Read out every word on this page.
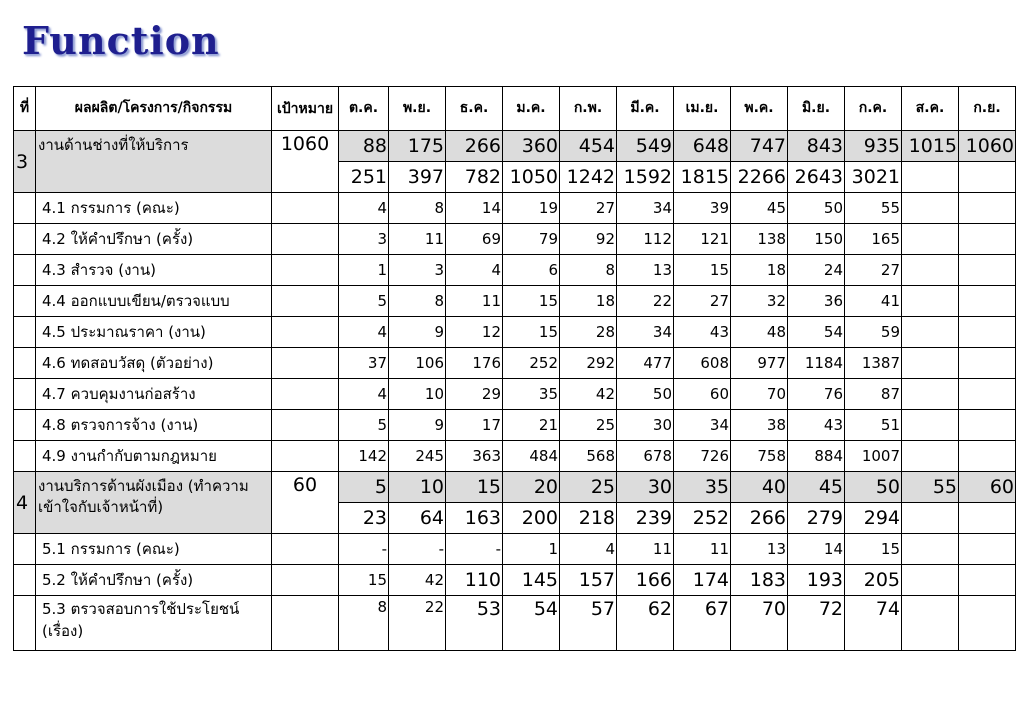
Function
ที่	ผลผลิต/โครงการ/กิจกรรม	เป้าหมาย	ต.ค.	พ.ย.	ธ.ค.	ม.ค.	ก.พ.	มี.ค.	เม.ย.	พ.ค.	มิ.ย.	ก.ค.	ส.ค.	ก.ย.
3	งานด้านช่างที่ให้บริการ	1060	88	175	266	360	454	549	648	747	843	935	1015	1060
			251	397	782	1050	1242	1592	1815	2266	2643	3021		
	4.1 กรรมการ (คณะ)		4	8	14	19	27	34	39	45	50	55		
	4.2 ให้คำปรึกษา (ครั้ง)		3	11	69	79	92	112	121	138	150	165		
	4.3 สำรวจ (งาน)		1	3	4	6	8	13	15	18	24	27		
	4.4 ออกแบบเขียน/ตรวจแบบ		5	8	11	15	18	22	27	32	36	41		
	4.5 ประมาณราคา (งาน)		4	9	12	15	28	34	43	48	54	59		
	4.6 ทดสอบวัสดุ (ตัวอย่าง)		37	106	176	252	292	477	608	977	1184	1387		
	4.7 ควบคุมงานก่อสร้าง		4	10	29	35	42	50	60	70	76	87		
	4.8 ตรวจการจ้าง (งาน)		5	9	17	21	25	30	34	38	43	51		
	4.9 งานกำกับตามกฎหมาย		142	245	363	484	568	678	726	758	884	1007		
4	งานบริการด้านผังเมือง (ทำความเข้าใจกับเจ้าหน้าที่)	60	5	10	15	20	25	30	35	40	45	50	55	60
			23	64	163	200	218	239	252	266	279	294		
	5.1 กรรมการ (คณะ)		-	-	-	1	4	11	11	13	14	15		
	5.2 ให้คำปรึกษา (ครั้ง)		15	42	110	145	157	166	174	183	193	205		
	5.3 ตรวจสอบการใช้ประโยชน์ (เรื่อง)		8	22	53	54	57	62	67	70	72	74		
